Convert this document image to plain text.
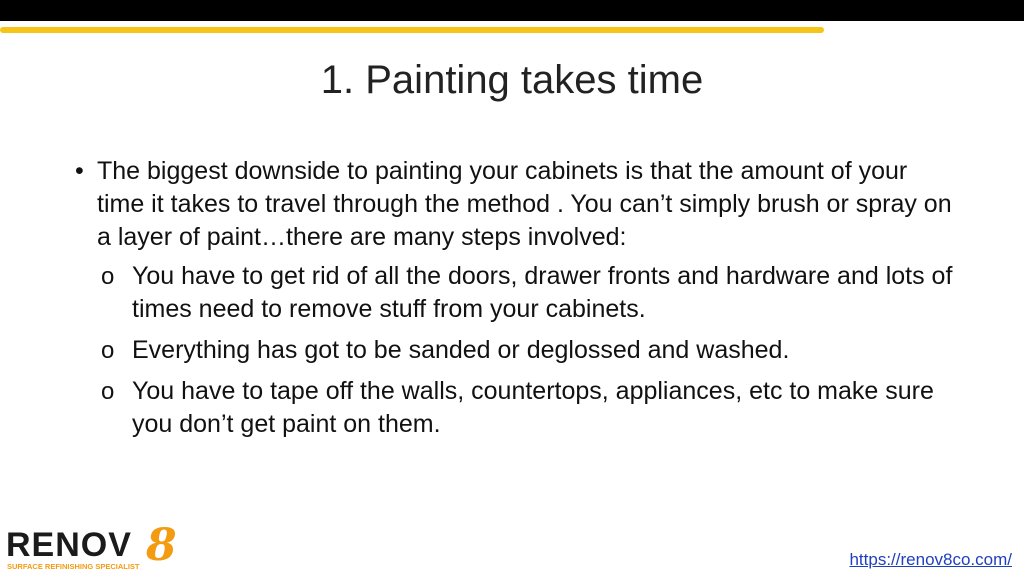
1. Painting takes time
• The biggest downside to painting your cabinets is that the amount of your time it takes to travel through the method . You can’t simply brush or spray on a layer of paint…there are many steps involved:
o You have to get rid of all the doors, drawer fronts and hardware and lots of times need to remove stuff from your cabinets.
o Everything has got to be sanded or deglossed and washed.
o You have to tape off the walls, countertops, appliances, etc to make sure you don’t get paint on them.
RENOV 8
SURFACE REFINISHING SPECIALIST	https://renov8co.com/
